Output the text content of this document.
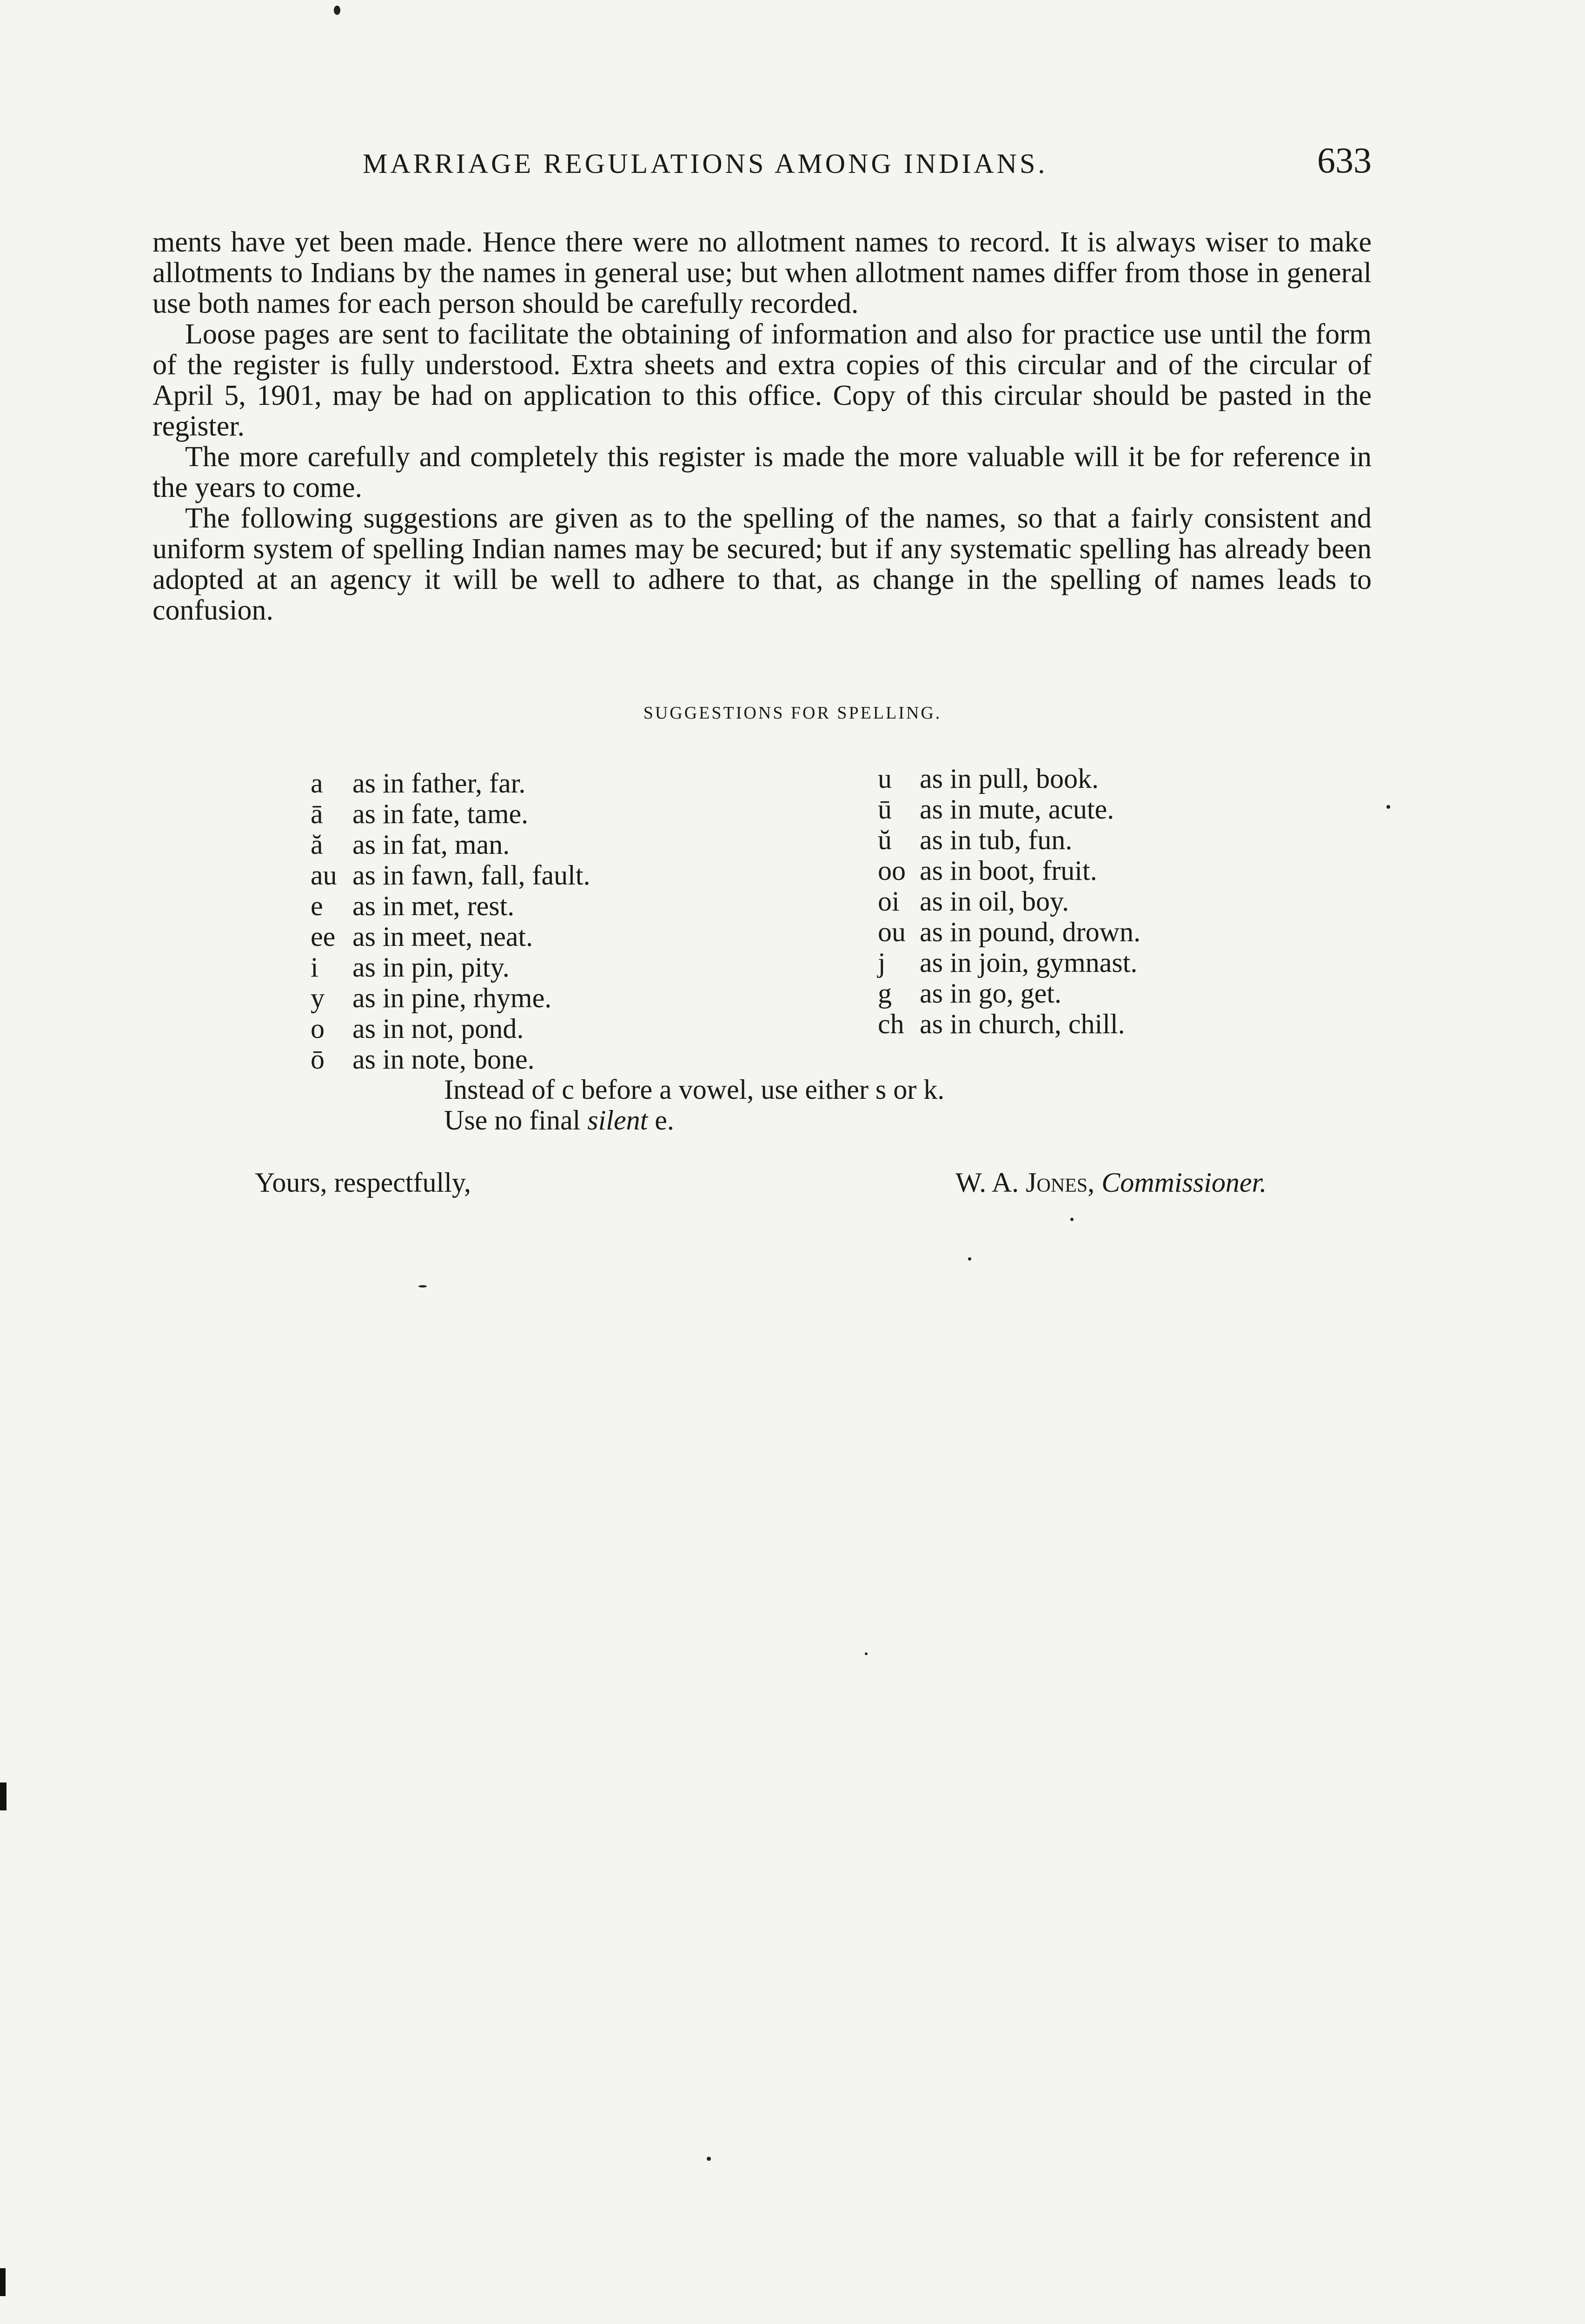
MARRIAGE REGULATIONS AMONG INDIANS.	633

ments have yet been made. Hence there were no allotment names to record. It is always wiser to make allotments to Indians by the names in general use; but when allotment names differ from those in general use both names for each person should be carefully recorded.

Loose pages are sent to facilitate the obtaining of information and also for practice use until the form of the register is fully understood. Extra sheets and extra copies of this circular and of the circular of April 5, 1901, may be had on application to this office. Copy of this circular should be pasted in the register.

The more carefully and completely this register is made the more valuable will it be for reference in the years to come.

The following suggestions are given as to the spelling of the names, so that a fairly consistent and uniform system of spelling Indian names may be secured; but if any systematic spelling has already been adopted at an agency it will be well to adhere to that, as change in the spelling of names leads to confusion.

SUGGESTIONS FOR SPELLING.
a as in father, far.
ā as in fate, tame.
ă as in fat, man.
au as in fawn, fall, fault.
e as in met, rest.
ee as in meet, neat.
i as in pin, pity.
y as in pine, rhyme.
o as in not, pond.
ō as in note, bone.
u as in pull, book.
ū as in mute, acute.
ŭ as in tub, fun.
oo as in boot, fruit.
oi as in oil, boy.
ou as in pound, drown.
j as in join, gymnast.
g as in go, get.
ch as in church, chill.
Instead of c before a vowel, use either s or k.
Use no final silent e.
Yours, respectfully,	W. A. Jones, Commissioner.
